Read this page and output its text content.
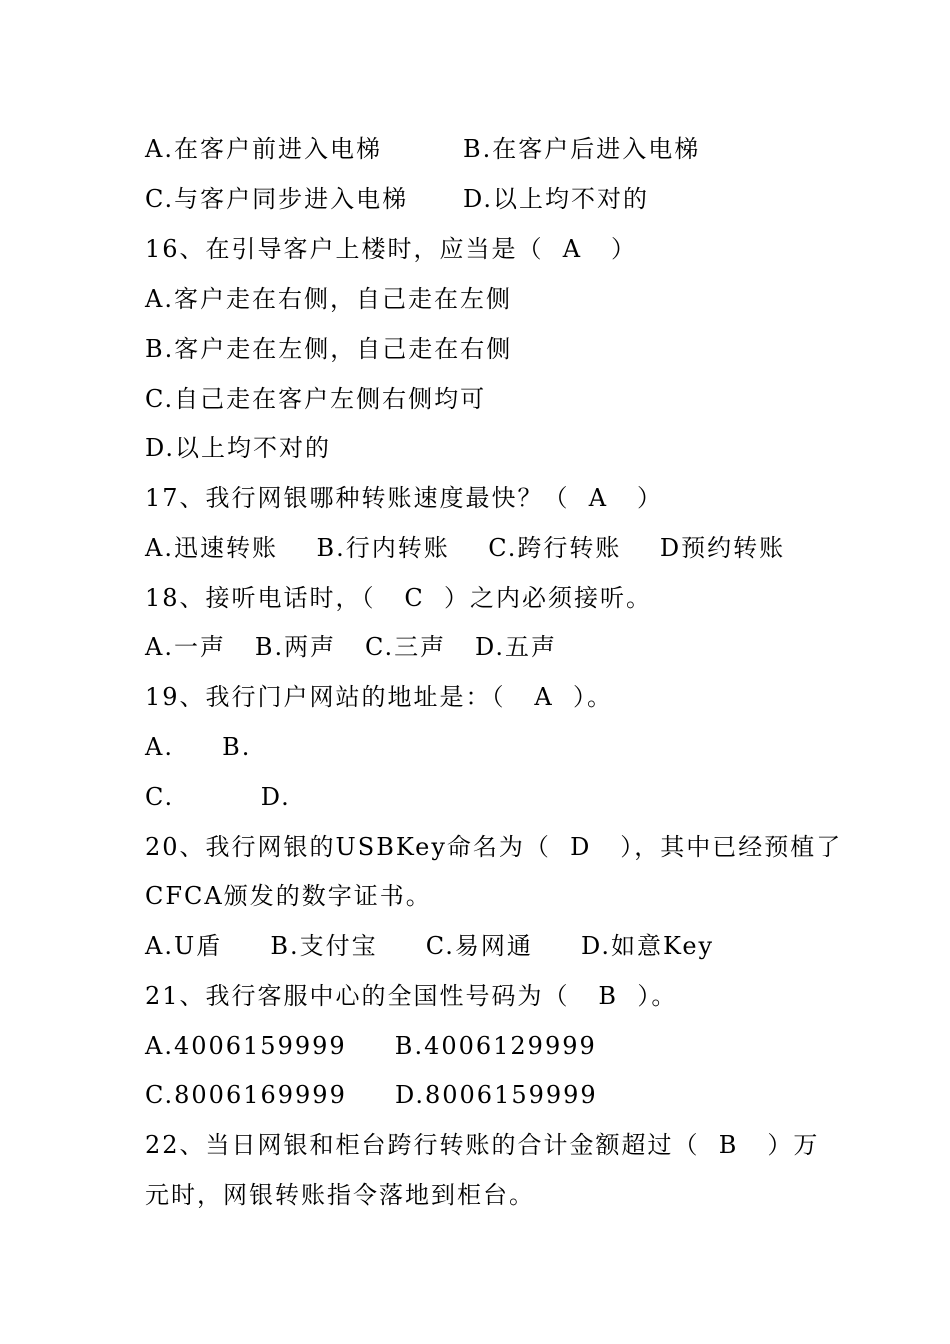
A.在客户前进入电梯

	B.在客户后进入电梯

C.与客户同步进入电梯

D.以上均不对的

16、在引导客户上楼时，应当是（  A   ）
A.客户走在右侧，自己走在左侧
B.客户走在左侧，自己走在右侧
C.自己走在客户左侧右侧均可
D.以上均不对的
17、我行网银哪种转账速度最快？（  A   ）
A.迅速转账    B.行内转账    C.跨行转账    D预约转账
18、接听电话时，（   C  ）之内必须接听。
A.一声   B.两声   C.三声   D.五声
19、我行门户网站的地址是：（   A  ）。
A.     B.
C.         D.
20、我行网银的USBKey命名为（  D   ），其中已经预植了
CFCA颁发的数字证书。
A.U盾     B.支付宝     C.易网通     D.如意Key
21、我行客服中心的全国性号码为（   B  ）。
A.4006159999     B.4006129999
C.8006169999     D.8006159999
22、当日网银和柜台跨行转账的合计金额超过（  B   ）万
元时，网银转账指令落地到柜台。
